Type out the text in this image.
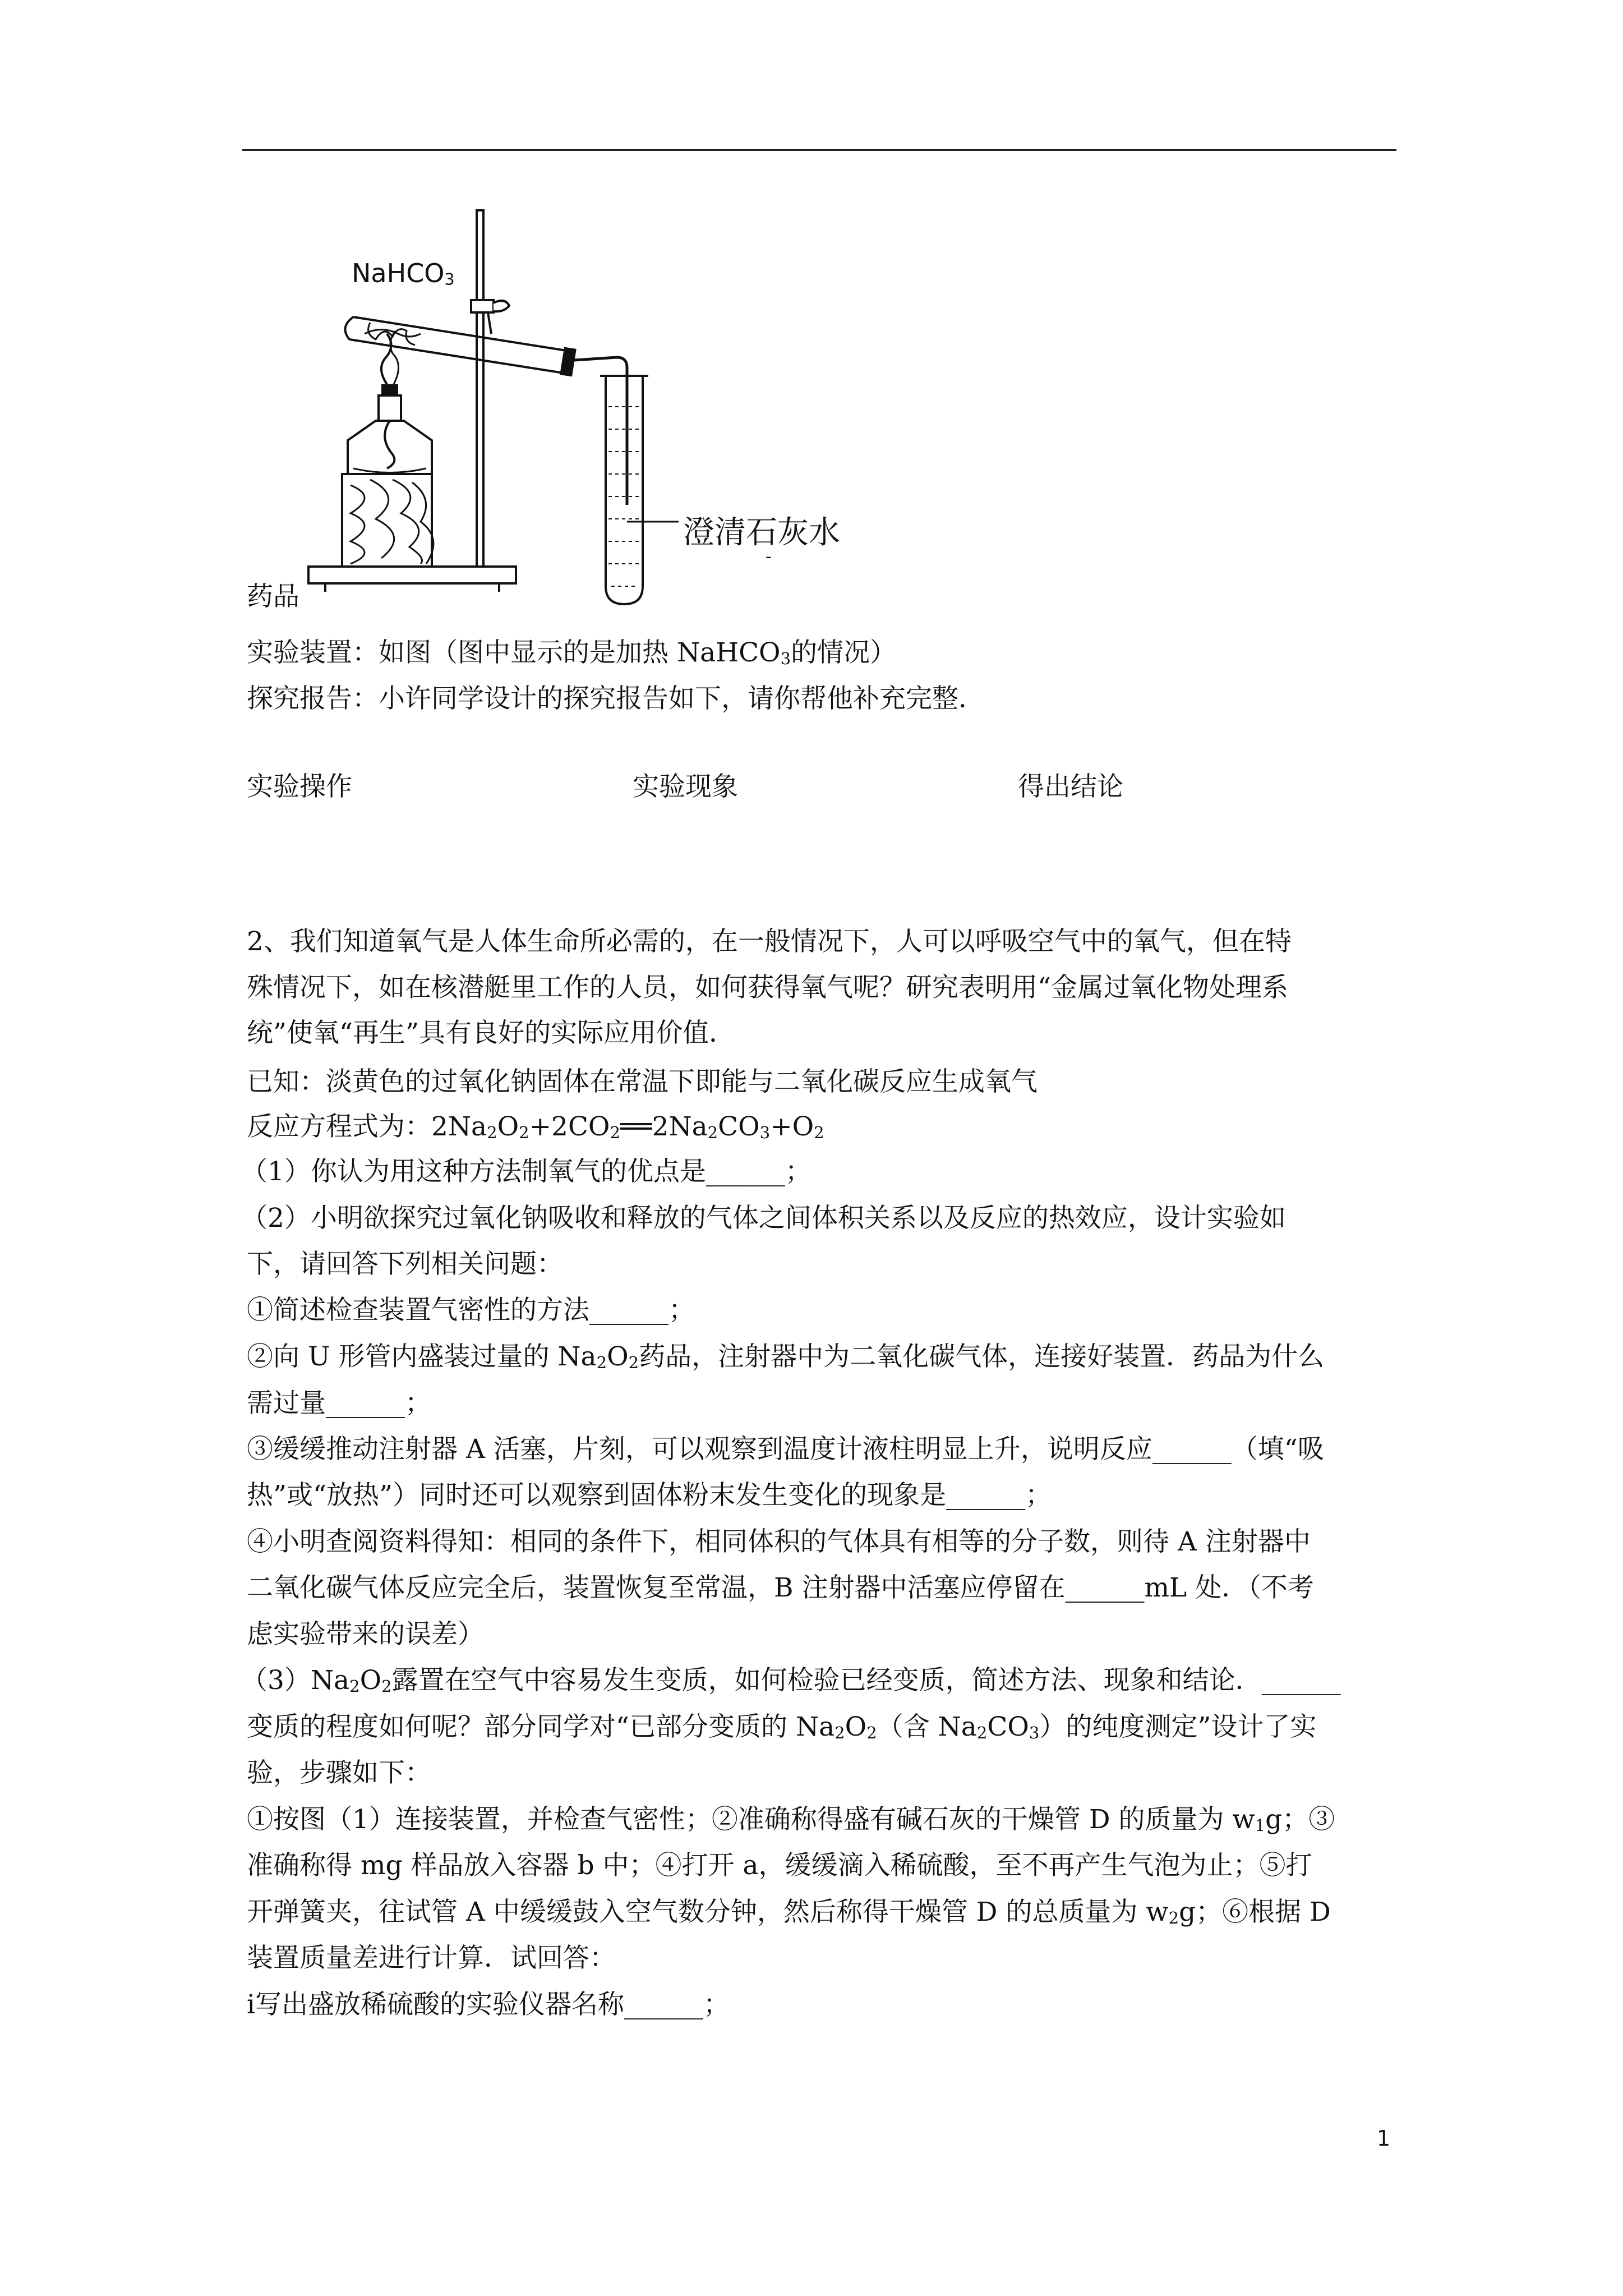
NaHCO$_3$
澄清石灰水
-
药品
实验装置：如图（图中显示的是加热 NaHCO$_3$的情况）
探究报告：小许同学设计的探究报告如下，请你帮他补充完整．
实验操作	实验现象	得出结论
2、我们知道氧气是人体生命所必需的，在一般情况下，人可以呼吸空气中的氧气，但在特
殊情况下，如在核潜艇里工作的人员，如何获得氧气呢？研究表明用“金属过氧化物处理系
统”使氧“再生”具有良好的实际应用价值．
已知：淡黄色的过氧化钠固体在常温下即能与二氧化碳反应生成氧气
反应方程式为：$2Na_2O_2+2CO_2══2Na_2CO_3+O_2$
（1）你认为用这种方法制氧气的优点是______；
（2）小明欲探究过氧化钠吸收和释放的气体之间体积关系以及反应的热效应，设计实验如
下，请回答下列相关问题：
①简述检查装置气密性的方法______；
②向 U 形管内盛装过量的 $Na_2O_2$药品，注射器中为二氧化碳气体，连接好装置．药品为什么
需过量______；
③缓缓推动注射器 A 活塞，片刻，可以观察到温度计液柱明显上升，说明反应______（填“吸
热”或“放热”）同时还可以观察到固体粉末发生变化的现象是______；
④小明查阅资料得知：相同的条件下，相同体积的气体具有相等的分子数，则待 A 注射器中
二氧化碳气体反应完全后，装置恢复至常温，B 注射器中活塞应停留在______mL 处．（不考
虑实验带来的误差）
$(3)Na_2O_2$露置在空气中容易发生变质，如何检验已经变质，简述方法、现象和结论．______
变质的程度如何呢？部分同学对“已部分变质的 $Na_2O_2$（含 $Na_2CO_3$）的纯度测定”设计了实
验，步骤如下：
①按图（1）连接装置，并检查气密性；②准确称得盛有碱石灰的干燥管 D 的质量为 $w_1g$；③
准确称得 mg 样品放入容器 b 中；④打开 a，缓缓滴入稀硫酸，至不再产生气泡为止；⑤打
开弹簧夹，往试管 A 中缓缓鼓入空气数分钟，然后称得干燥管 D 的总质量为 $w_2g$；⑥根据 D
装置质量差进行计算．试回答：
ⅰ写出盛放稀硫酸的实验仪器名称______；
1
